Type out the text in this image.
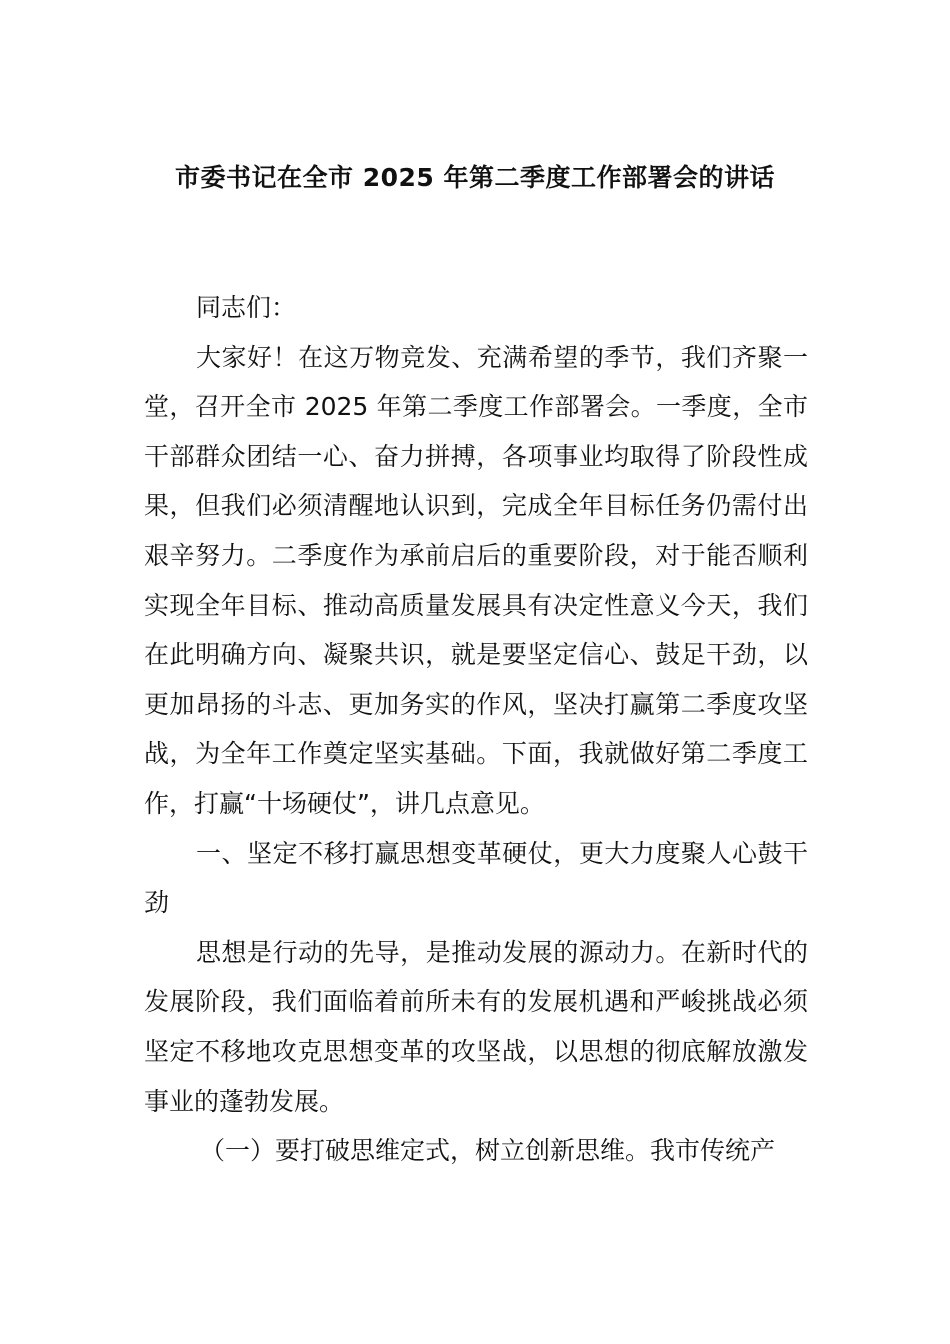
市委书记在全市 2025 年第二季度工作部署会的讲话

同志们：

大家好！在这万物竞发、充满希望的季节，我们齐聚一堂，召开全市 2025 年第二季度工作部署会。一季度，全市干部群众团结一心、奋力拼搏，各项事业均取得了阶段性成果，但我们必须清醒地认识到，完成全年目标任务仍需付出艰辛努力。二季度作为承前启后的重要阶段，对于能否顺利实现全年目标、推动高质量发展具有决定性意义今天，我们在此明确方向、凝聚共识，就是要坚定信心、鼓足干劲，以更加昂扬的斗志、更加务实的作风，坚决打赢第二季度攻坚战，为全年工作奠定坚实基础。下面，我就做好第二季度工作，打赢“十场硬仗”，讲几点意见。

一、坚定不移打赢思想变革硬仗，更大力度聚人心鼓干劲

思想是行动的先导，是推动发展的源动力。在新时代的发展阶段，我们面临着前所未有的发展机遇和严峻挑战必须坚定不移地攻克思想变革的攻坚战，以思想的彻底解放激发事业的蓬勃发展。

（一）要打破思维定式，树立创新思维。我市传统产
